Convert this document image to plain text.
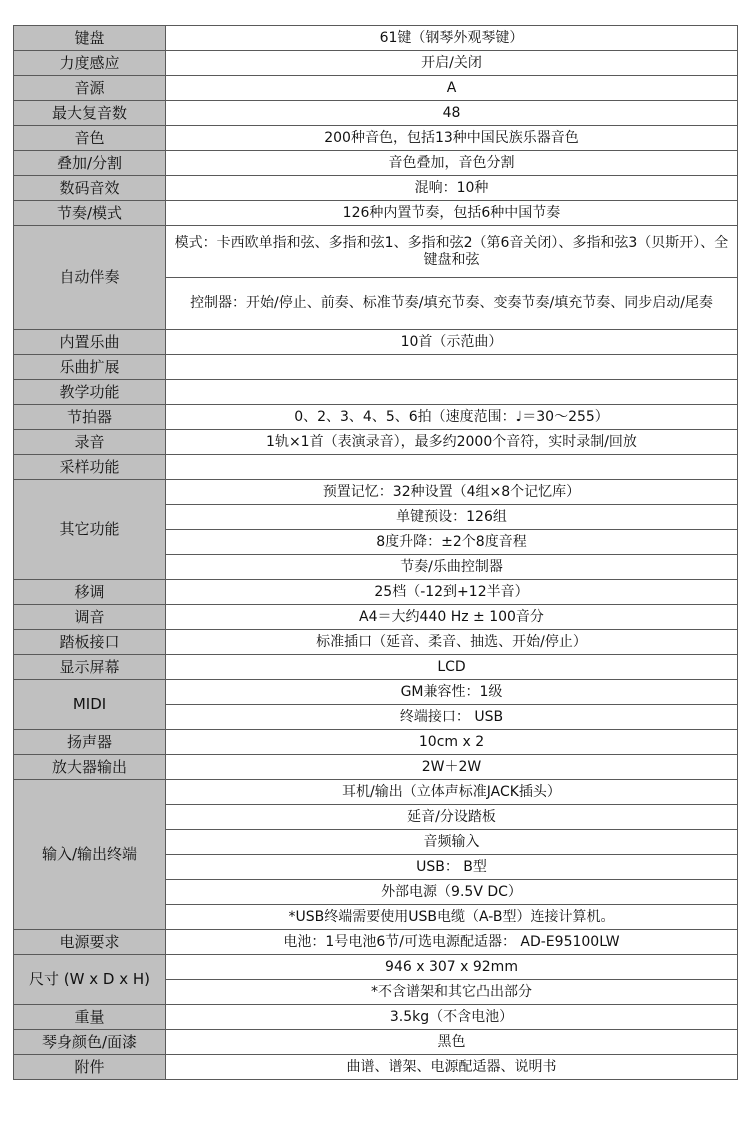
键盘	61键（钢琴外观琴键）
力度感应	开启/关闭
音源	A
最大复音数	48
音色	200种音色，包括13种中国民族乐器音色
叠加/分割	音色叠加，音色分割
数码音效	混响：10种
节奏/模式	126种内置节奏，包括6种中国节奏
自动伴奏	模式：卡西欧单指和弦、多指和弦1、多指和弦2（第6音关闭）、多指和弦3（贝斯开）、全键盘和弦
	控制器：开始/停止、前奏、标准节奏/填充节奏、变奏节奏/填充节奏、同步启动/尾奏
内置乐曲	10首（示范曲）
乐曲扩展	
教学功能	
节拍器	0、2、3、4、5、6拍（速度范围：♩＝30～255）
录音	1轨×1首（表演录音），最多约2000个音符，实时录制/回放
采样功能	
其它功能	预置记忆：32种设置（4组×8个记忆库）
	单键预设：126组
	8度升降：±2个8度音程
	节奏/乐曲控制器
移调	25档（-12到+12半音）
调音	A4＝大约440 Hz ± 100音分
踏板接口	标准插口（延音、柔音、抽选、开始/停止）
显示屏幕	LCD
MIDI	GM兼容性：1级
	终端接口： USB
扬声器	10cm x 2
放大器输出	2W＋2W
输入/输出终端	耳机/输出（立体声标准JACK插头）
	延音/分设踏板
	音频输入
	USB： B型
	外部电源（9.5V DC）
	*USB终端需要使用USB电缆（A-B型）连接计算机。
电源要求	电池：1号电池6节/可选电源配适器： AD-E95100LW
尺寸 (W x D x H)	946 x 307 x 92mm
	*不含谱架和其它凸出部分
重量	3.5kg（不含电池）
琴身颜色/面漆	黑色
附件	曲谱、谱架、电源配适器、说明书
